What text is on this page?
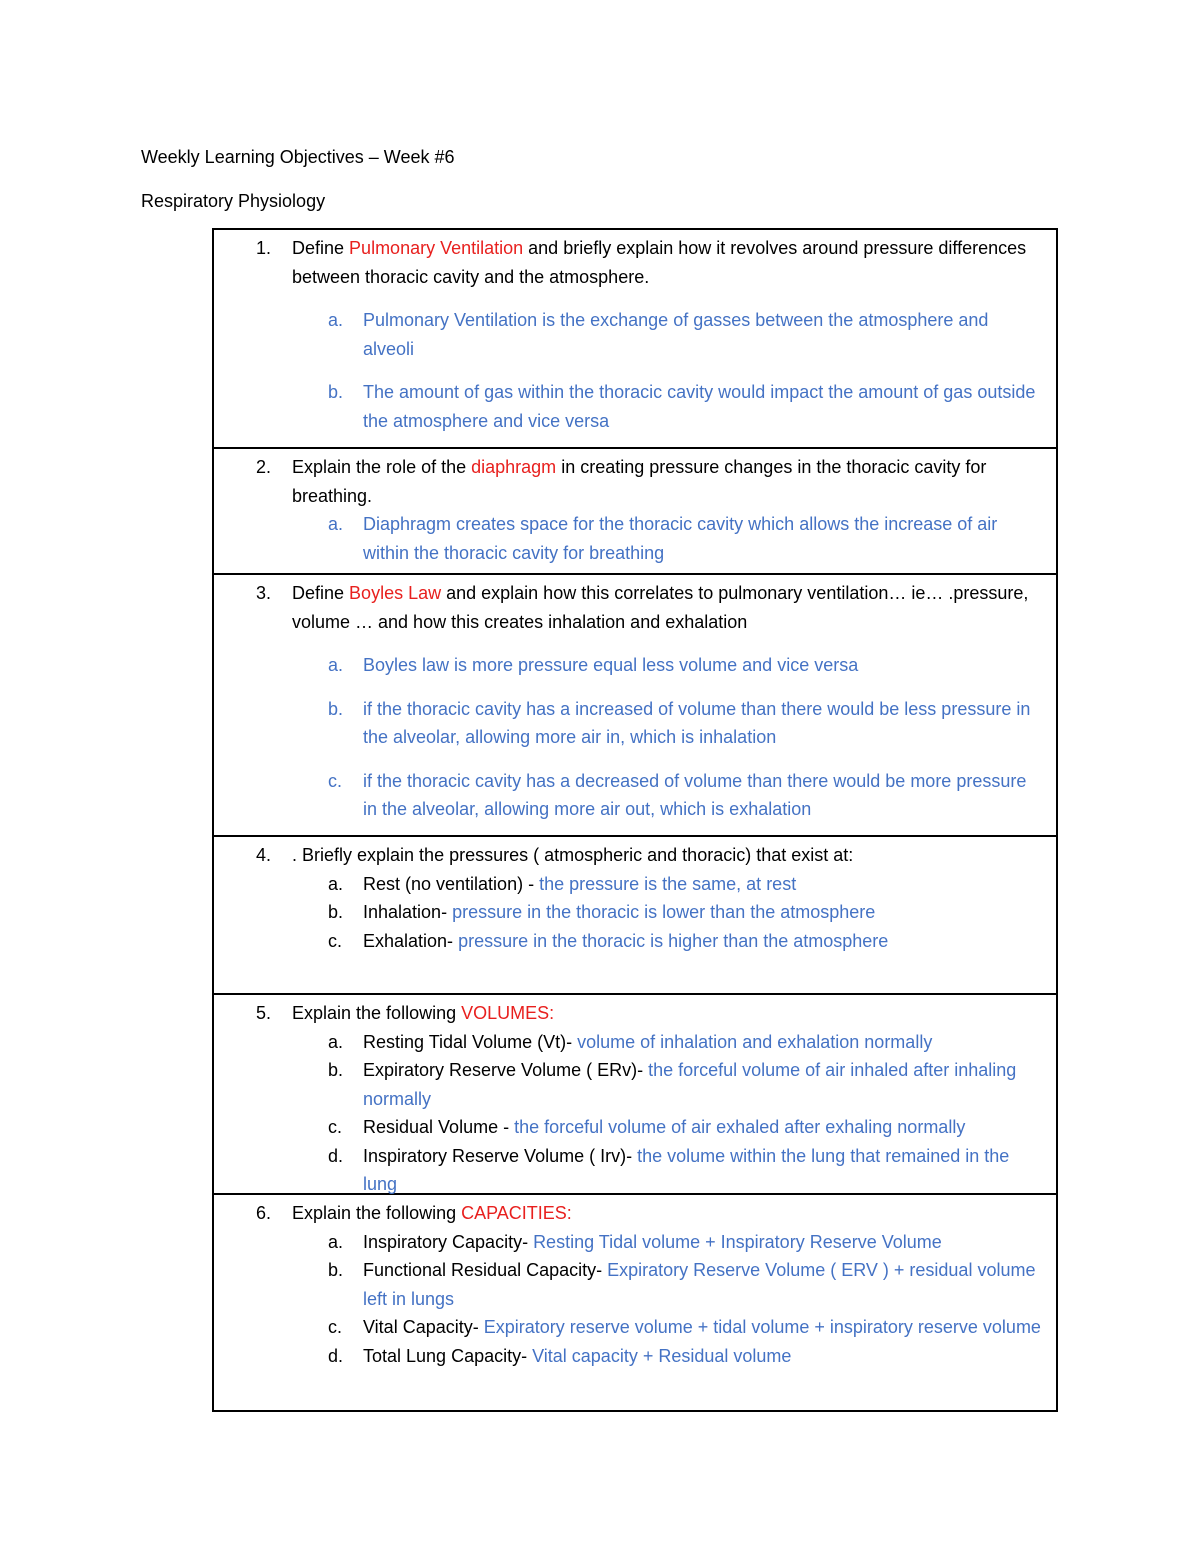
Weekly Learning Objectives – Week #6
Respiratory Physiology
1. Define Pulmonary Ventilation and briefly explain how it revolves around pressure differences between thoracic cavity and the atmosphere.
a. Pulmonary Ventilation is the exchange of gasses between the atmosphere and alveoli
b. The amount of gas within the thoracic cavity would impact the amount of gas outside the atmosphere and vice versa
2. Explain the role of the diaphragm in creating pressure changes in the thoracic cavity for breathing.
a. Diaphragm creates space for the thoracic cavity which allows the increase of air within the thoracic cavity for breathing
3. Define Boyles Law and explain how this correlates to pulmonary ventilation… ie… .pressure, volume … and how this creates inhalation and exhalation
a. Boyles law is more pressure equal less volume and vice versa
b. if the thoracic cavity has a increased of volume than there would be less pressure in the alveolar, allowing more air in, which is inhalation
c. if the thoracic cavity has a decreased of volume than there would be more pressure in the alveolar, allowing more air out, which is exhalation
4. . Briefly explain the pressures ( atmospheric and thoracic) that exist at:
a. Rest (no ventilation) - the pressure is the same, at rest
b. Inhalation- pressure in the thoracic is lower than the atmosphere
c. Exhalation- pressure in the thoracic is higher than the atmosphere
5. Explain the following VOLUMES:
a. Resting Tidal Volume (Vt)- volume of inhalation and exhalation normally
b. Expiratory Reserve Volume ( ERv)- the forceful volume of air inhaled after inhaling normally
c. Residual Volume - the forceful volume of air exhaled after exhaling normally
d. Inspiratory Reserve Volume ( Irv)- the volume within the lung that remained in the lung
6. Explain the following CAPACITIES:
a. Inspiratory Capacity- Resting Tidal volume + Inspiratory Reserve Volume
b. Functional Residual Capacity- Expiratory Reserve Volume ( ERV ) + residual volume left in lungs
c. Vital Capacity- Expiratory reserve volume + tidal volume + inspiratory reserve volume
d. Total Lung Capacity- Vital capacity + Residual volume
